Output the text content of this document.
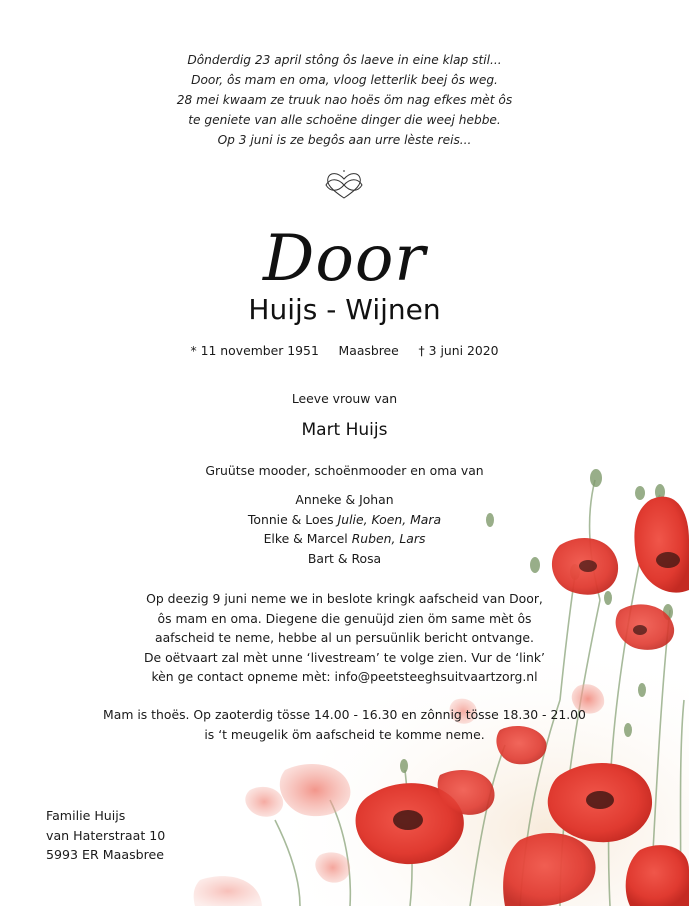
Dônderdig 23 april stông ôs laeve in eine klap stil...
Door, ôs mam en oma, vloog letterlik beej ôs weg.
28 mei kwaam ze truuk nao hoës öm nag efkes mèt ôs
te geniete van alle schoëne dinger die weej hebbe.
Op 3 juni is ze begôs aan urre lèste reis...
Door
Huijs - Wijnen
* 11 november 1951 Maasbree † 3 juni 2020
Leeve vrouw van
Mart Huijs
Gruütse mooder, schoënmooder en oma van
Anneke & Johan
Tonnie & Loes Julie, Koen, Mara
Elke & Marcel Ruben, Lars
Bart & Rosa
Op deezig 9 juni neme we in beslote kringk aafscheid van Door,
ôs mam en oma. Diegene die genuüjd zien öm same mèt ôs
aafscheid te neme, hebbe al un persuünlik bericht ontvange.
De oëtvaart zal mèt unne ‘livestream’ te volge zien. Vur de ‘link’
kèn ge contact opneme mèt: info@peetsteeghsuitvaartzorg.nl
Mam is thoës. Op zaoterdig tösse 14.00 - 16.30 en zônnig tösse 18.30 - 21.00
is ‘t meugelik öm aafscheid te komme neme.
Familie Huijs
van Haterstraat 10
5993 ER Maasbree
